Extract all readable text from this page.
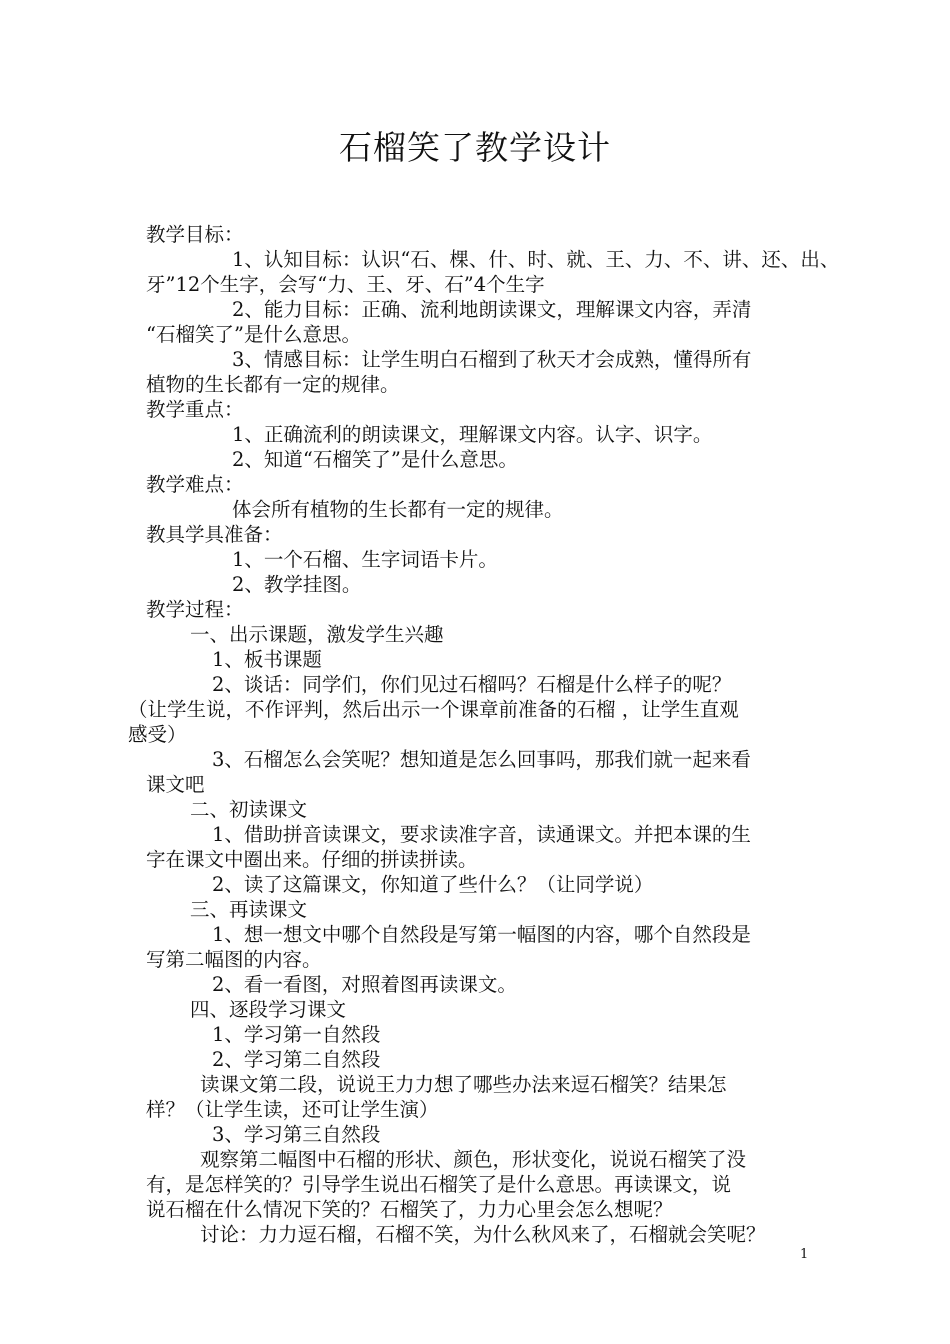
石榴笑了教学设计
教学目标：
1、认知目标：认识“石、棵、什、时、就、王、力、不、讲、还、出、
牙”12个生字，会写“力、王、牙、石”4个生字
2、能力目标：正确、流利地朗读课文，理解课文内容，弄清
“石榴笑了”是什么意思。
3、情感目标：让学生明白石榴到了秋天才会成熟，懂得所有
植物的生长都有一定的规律。
教学重点：
1、正确流利的朗读课文，理解课文内容。认字、识字。
2、知道“石榴笑了”是什么意思。
教学难点：
体会所有植物的生长都有一定的规律。
教具学具准备：
1、一个石榴、生字词语卡片。
2、教学挂图。
教学过程：
一、出示课题，激发学生兴趣
1、板书课题
2、谈话：同学们，你们见过石榴吗？石榴是什么样子的呢？
（让学生说，不作评判，然后出示一个课章前准备的石榴 ，让学生直观
感受）
3、石榴怎么会笑呢？想知道是怎么回事吗，那我们就一起来看
课文吧
二、初读课文
1、借助拼音读课文，要求读准字音，读通课文。并把本课的生
字在课文中圈出来。仔细的拼读拼读。
2、读了这篇课文，你知道了些什么？（让同学说）
三、再读课文
1、想一想文中哪个自然段是写第一幅图的内容，哪个自然段是
写第二幅图的内容。
2、看一看图，对照着图再读课文。
四、逐段学习课文
1、学习第一自然段
2、学习第二自然段
读课文第二段，说说王力力想了哪些办法来逗石榴笑？结果怎
样？（让学生读，还可让学生演）
3、学习第三自然段
观察第二幅图中石榴的形状、颜色，形状变化，说说石榴笑了没
有，是怎样笑的？引导学生说出石榴笑了是什么意思。再读课文，说
说石榴在什么情况下笑的？石榴笑了，力力心里会怎么想呢？
讨论：力力逗石榴，石榴不笑，为什么秋风来了，石榴就会笑呢？
1
